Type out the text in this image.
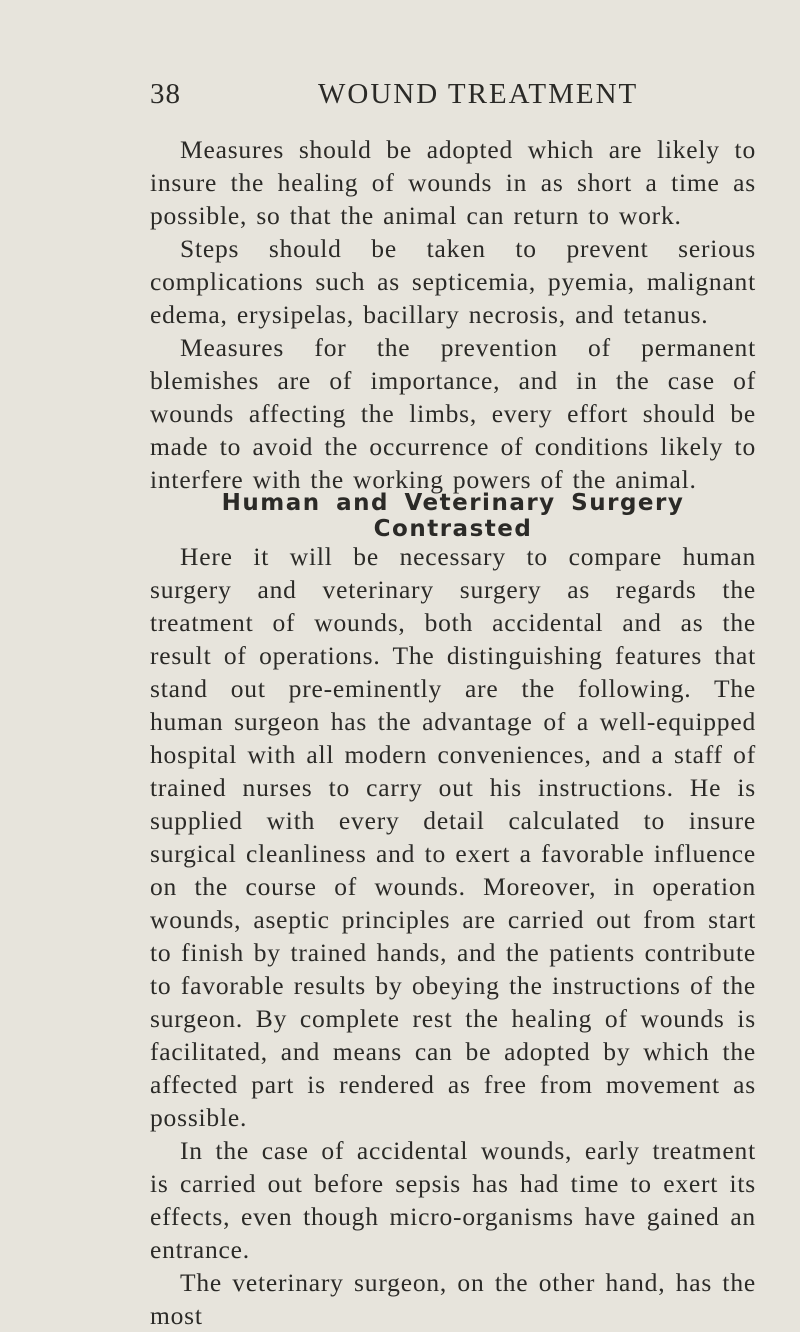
38	WOUND TREATMENT

Measures should be adopted which are likely to insure the healing of wounds in as short a time as possible, so that the animal can return to work.

Steps should be taken to prevent serious complications such as septicemia, pyemia, malignant edema, erysipelas, bacillary necrosis, and tetanus.

Measures for the prevention of permanent blemishes are of importance, and in the case of wounds affecting the limbs, every effort should be made to avoid the occurrence of conditions likely to interfere with the working powers of the animal.

Human and Veterinary Surgery Contrasted

Here it will be necessary to compare human surgery and veterinary surgery as regards the treatment of wounds, both accidental and as the result of operations. The distinguishing features that stand out pre-eminently are the following. The human surgeon has the advantage of a well-equipped hospital with all modern conveniences, and a staff of trained nurses to carry out his instructions. He is supplied with every detail calculated to insure surgical cleanliness and to exert a favorable influence on the course of wounds. Moreover, in operation wounds, aseptic principles are carried out from start to finish by trained hands, and the patients contribute to favorable results by obeying the instructions of the surgeon. By complete rest the healing of wounds is facilitated, and means can be adopted by which the affected part is rendered as free from movement as possible.

In the case of accidental wounds, early treatment is carried out before sepsis has had time to exert its effects, even though micro-organisms have gained an entrance.

The veterinary surgeon, on the other hand, has the most
